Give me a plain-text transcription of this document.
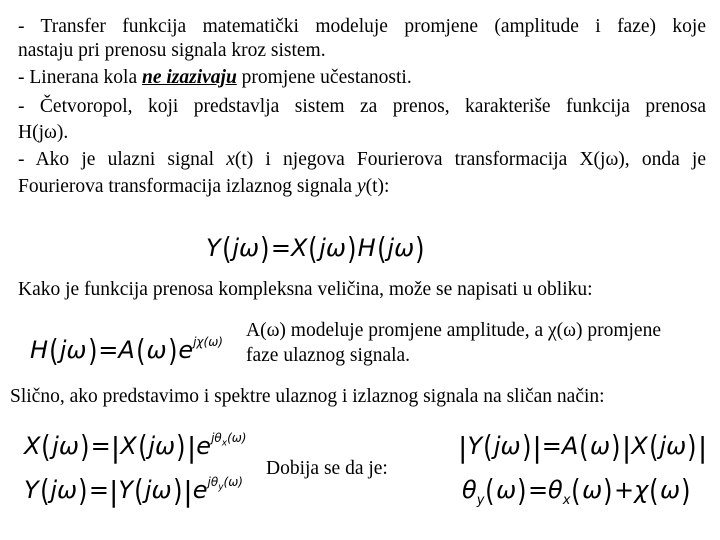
- Transfer funkcija matematički modeluje promjene (amplitude i faze) koje
nastaju pri prenosu signala kroz sistem.
- Linerana kola ne izazivaju promjene učestanosti.
- Četvoropol, koji predstavlja sistem za prenos, karakteriše funkcija prenosa
H(jω).
- Ako je ulazni signal x(t) i njegova Fourierova transformacija X(jω), onda je
Fourierova transformacija izlaznog signala y(t):
Y(jω)=X(jω)H(jω)
Kako je funkcija prenosa kompleksna veličina, može se napisati u obliku:
$H(j\omega)=A(\omega)e^{j\chi(\omega)}$
A(ω) modeluje promjene amplitude, a χ(ω) promjene
faze ulaznog signala.
Slično, ako predstavimo i spektre ulaznog i izlaznog signala na sličan način:
$X(j\omega)=|X(j\omega)|e^{j\theta_x(\omega)}$
$Y(j\omega)=|Y(j\omega)|e^{j\theta_y(\omega)}$
Dobija se da je:
|Y(jω)|=A(ω)|X(jω)|
$\theta_y(\omega)=\theta_x(\omega)+\chi(\omega)$
